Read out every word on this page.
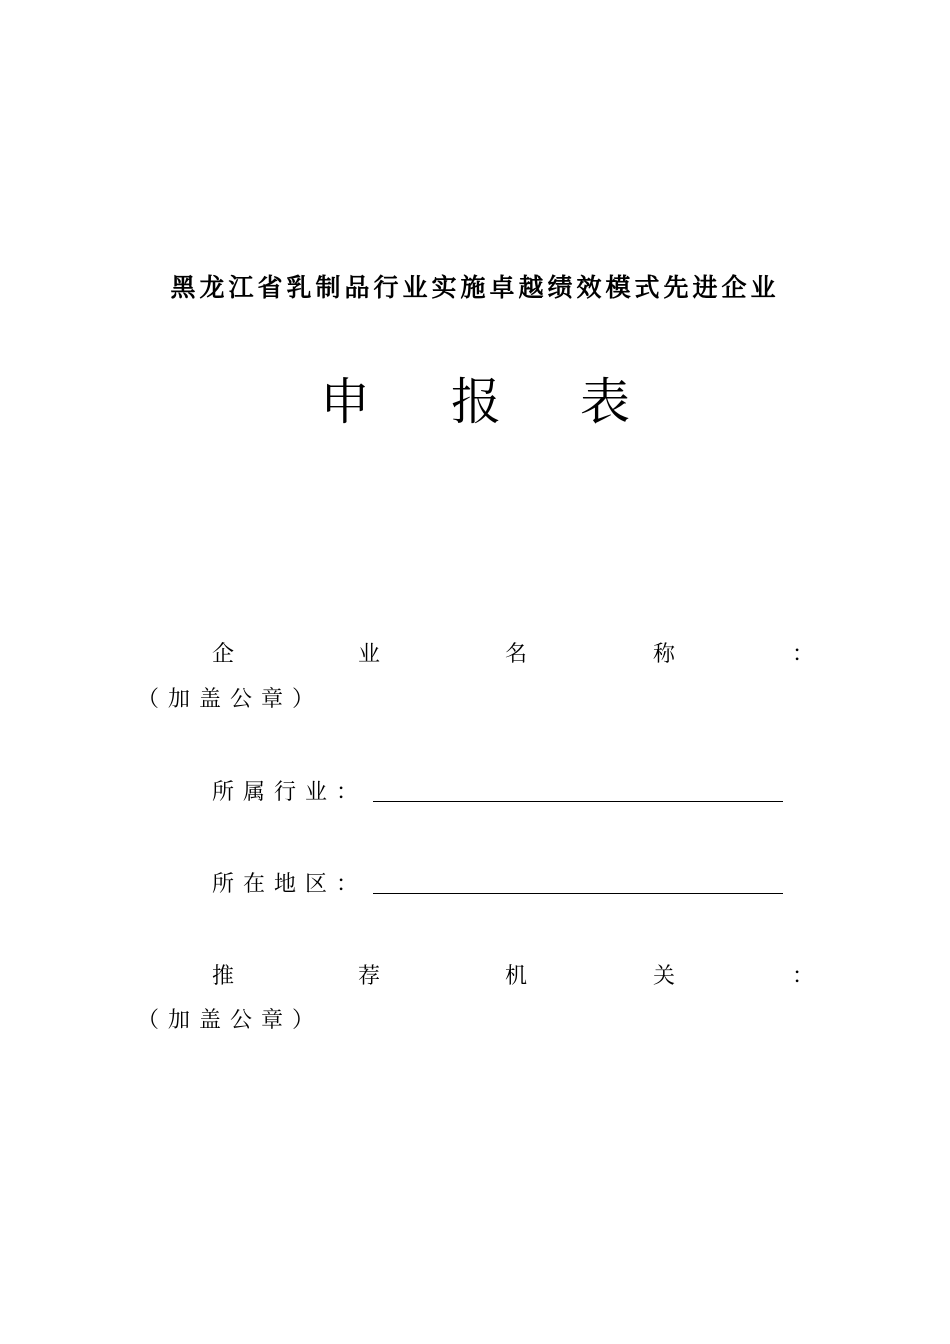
黑龙江省乳制品行业实施卓越绩效模式先进企业
申 报 表
企	业	名	称	：
（加盖公章）
所属行业：
所在地区：
推	荐	机	关	：
（加盖公章）
